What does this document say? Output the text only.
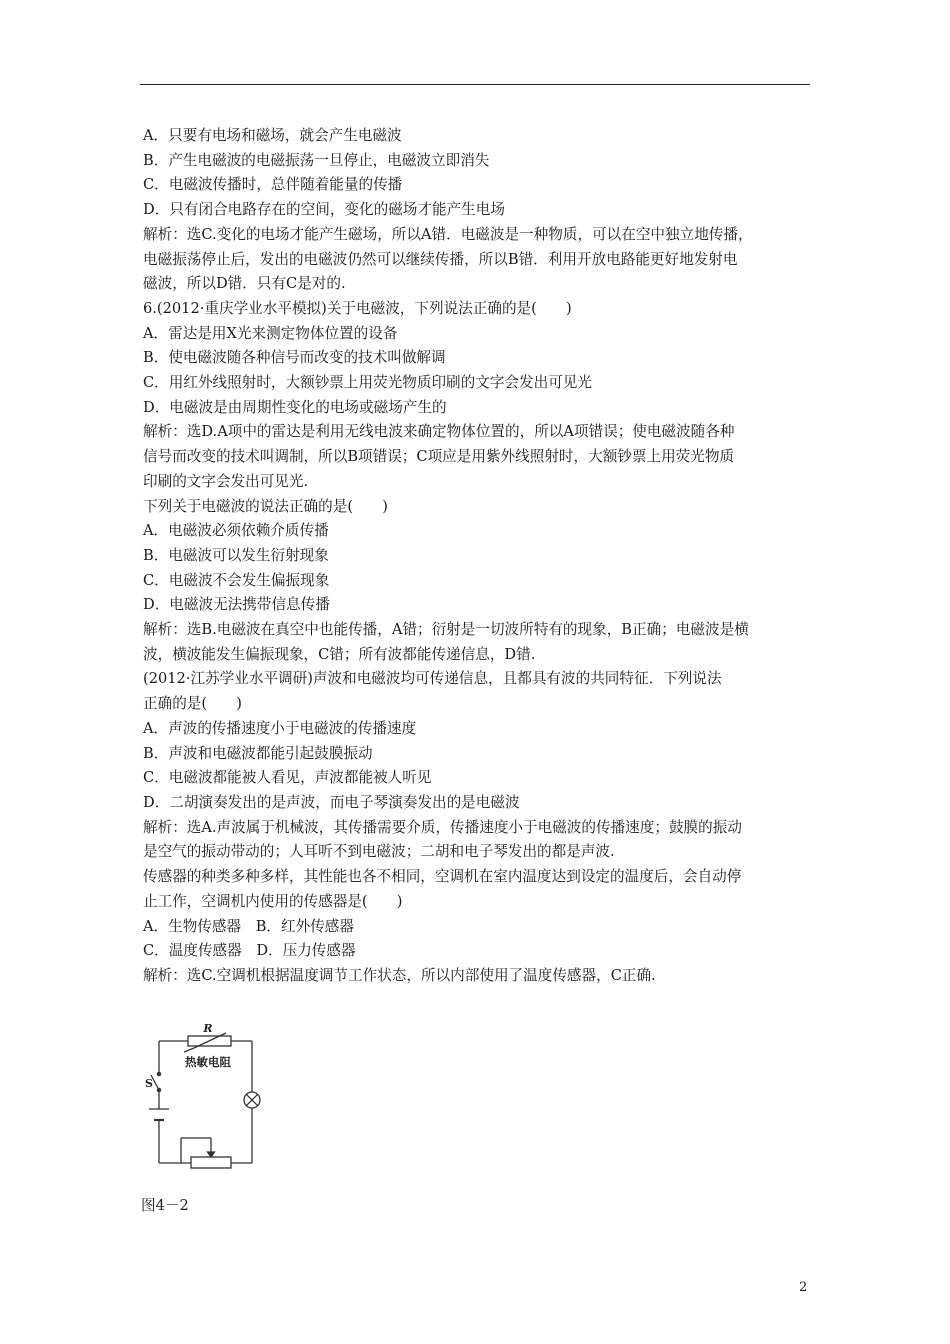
A．只要有电场和磁场，就会产生电磁波
B．产生电磁波的电磁振荡一旦停止，电磁波立即消失
C．电磁波传播时，总伴随着能量的传播
D．只有闭合电路存在的空间，变化的磁场才能产生电场
解析：选C.变化的电场才能产生磁场，所以A错．电磁波是一种物质，可以在空中独立地传播，
电磁振荡停止后，发出的电磁波仍然可以继续传播，所以B错．利用开放电路能更好地发射电
磁波，所以D错．只有C是对的.
6.(2012·重庆学业水平模拟)关于电磁波，下列说法正确的是(　　)
A．雷达是用X光来测定物体位置的设备
B．使电磁波随各种信号而改变的技术叫做解调
C．用红外线照射时，大额钞票上用荧光物质印刷的文字会发出可见光
D．电磁波是由周期性变化的电场或磁场产生的
解析：选D.A项中的雷达是利用无线电波来确定物体位置的，所以A项错误；使电磁波随各种
信号而改变的技术叫调制，所以B项错误；C项应是用紫外线照射时，大额钞票上用荧光物质
印刷的文字会发出可见光.
下列关于电磁波的说法正确的是(　　)
A．电磁波必须依赖介质传播
B．电磁波可以发生衍射现象
C．电磁波不会发生偏振现象
D．电磁波无法携带信息传播
解析：选B.电磁波在真空中也能传播，A错；衍射是一切波所特有的现象，B正确；电磁波是横
波，横波能发生偏振现象，C错；所有波都能传递信息，D错.
(2012·江苏学业水平调研)声波和电磁波均可传递信息，且都具有波的共同特征．下列说法
正确的是(　　)
A．声波的传播速度小于电磁波的传播速度
B．声波和电磁波都能引起鼓膜振动
C．电磁波都能被人看见，声波都能被人听见
D．二胡演奏发出的是声波，而电子琴演奏发出的是电磁波
解析：选A.声波属于机械波，其传播需要介质，传播速度小于电磁波的传播速度；鼓膜的振动
是空气的振动带动的；人耳听不到电磁波；二胡和电子琴发出的都是声波.
传感器的种类多种多样，其性能也各不相同，空调机在室内温度达到设定的温度后，会自动停
止工作，空调机内使用的传感器是(　　)
A．生物传感器　B．红外传感器
C．温度传感器　D．压力传感器
解析：选C.空调机根据温度调节工作状态，所以内部使用了温度传感器，C正确.
R
热敏电阻
S
图4－2
2
